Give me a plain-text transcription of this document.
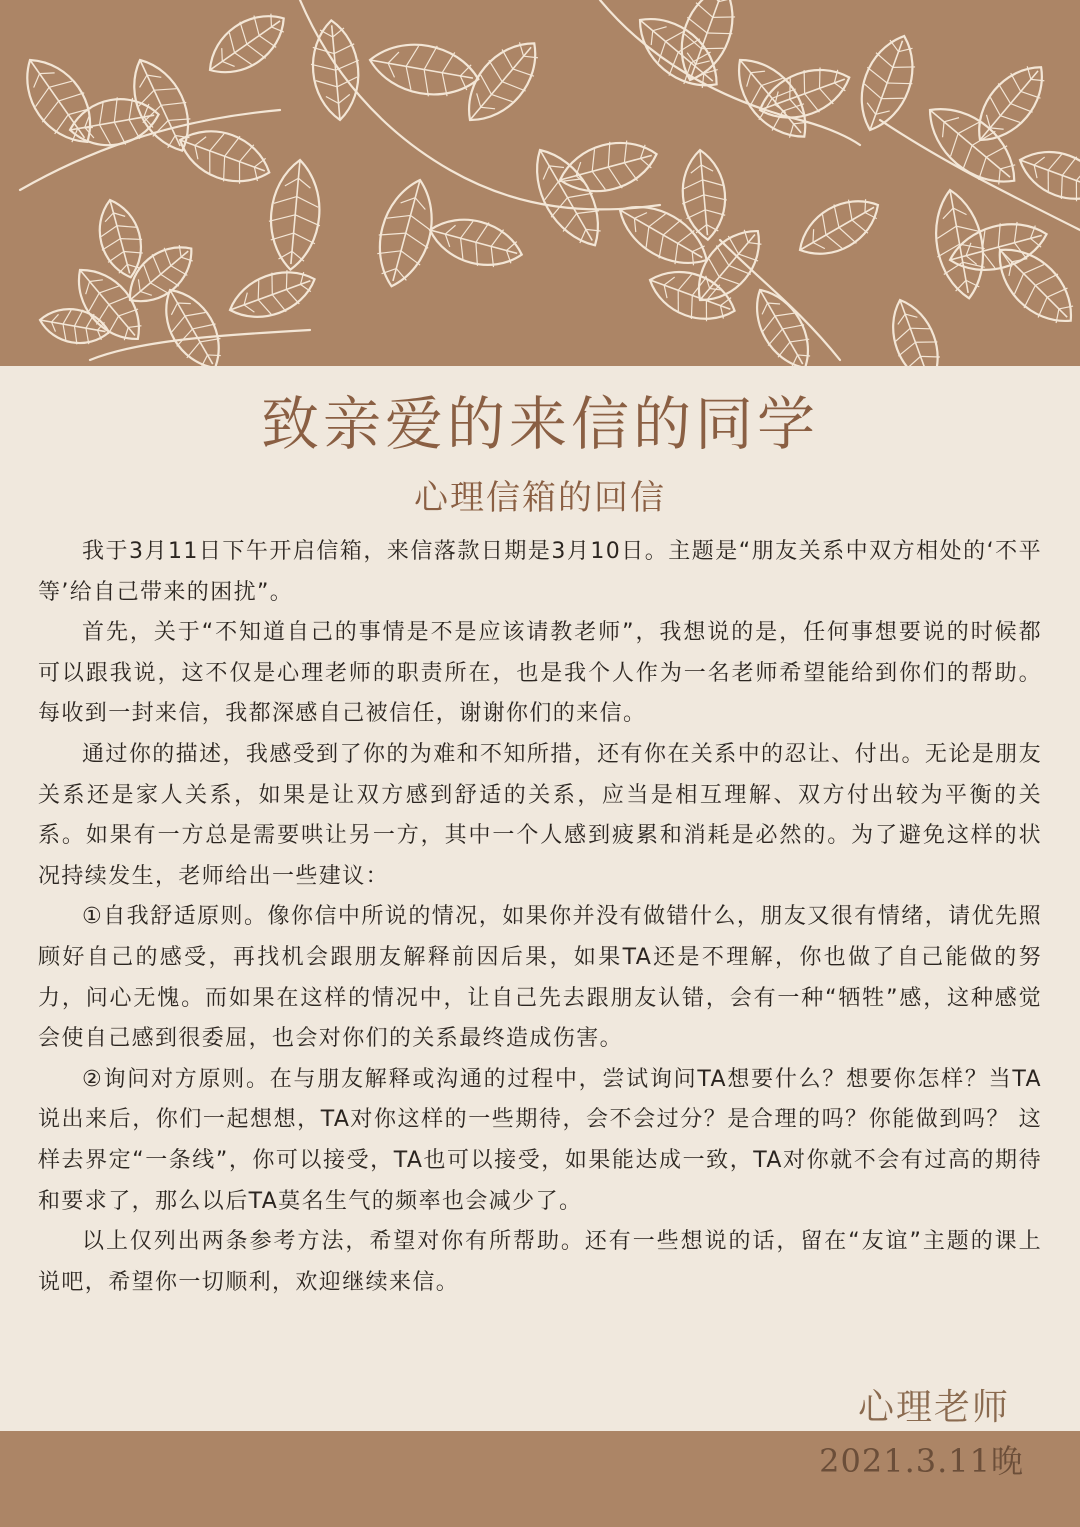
致亲爱的来信的同学
心理信箱的回信

我于3月11日下午开启信箱，来信落款日期是3月10日。主题是“朋友关系中双方相处的‘不平等’给自己带来的困扰”。

首先，关于“不知道自己的事情是不是应该请教老师”，我想说的是，任何事想要说的时候都可以跟我说，这不仅是心理老师的职责所在，也是我个人作为一名老师希望能给到你们的帮助。每收到一封来信，我都深感自己被信任，谢谢你们的来信。

通过你的描述，我感受到了你的为难和不知所措，还有你在关系中的忍让、付出。无论是朋友关系还是家人关系，如果是让双方感到舒适的关系，应当是相互理解、双方付出较为平衡的关系。如果有一方总是需要哄让另一方，其中一个人感到疲累和消耗是必然的。为了避免这样的状况持续发生，老师给出一些建议：

①自我舒适原则。像你信中所说的情况，如果你并没有做错什么，朋友又很有情绪，请优先照顾好自己的感受，再找机会跟朋友解释前因后果，如果TA还是不理解，你也做了自己能做的努力，问心无愧。而如果在这样的情况中，让自己先去跟朋友认错，会有一种“牺牲”感，这种感觉会使自己感到很委屈，也会对你们的关系最终造成伤害。

②询问对方原则。在与朋友解释或沟通的过程中，尝试询问TA想要什么？想要你怎样？当TA说出来后，你们一起想想，TA对你这样的一些期待，会不会过分？是合理的吗？你能做到吗？ 这样去界定“一条线”，你可以接受，TA也可以接受，如果能达成一致，TA对你就不会有过高的期待和要求了，那么以后TA莫名生气的频率也会减少了。

以上仅列出两条参考方法，希望对你有所帮助。还有一些想说的话，留在“友谊”主题的课上说吧，希望你一切顺利，欢迎继续来信。

心理老师
2021.3.11晚
